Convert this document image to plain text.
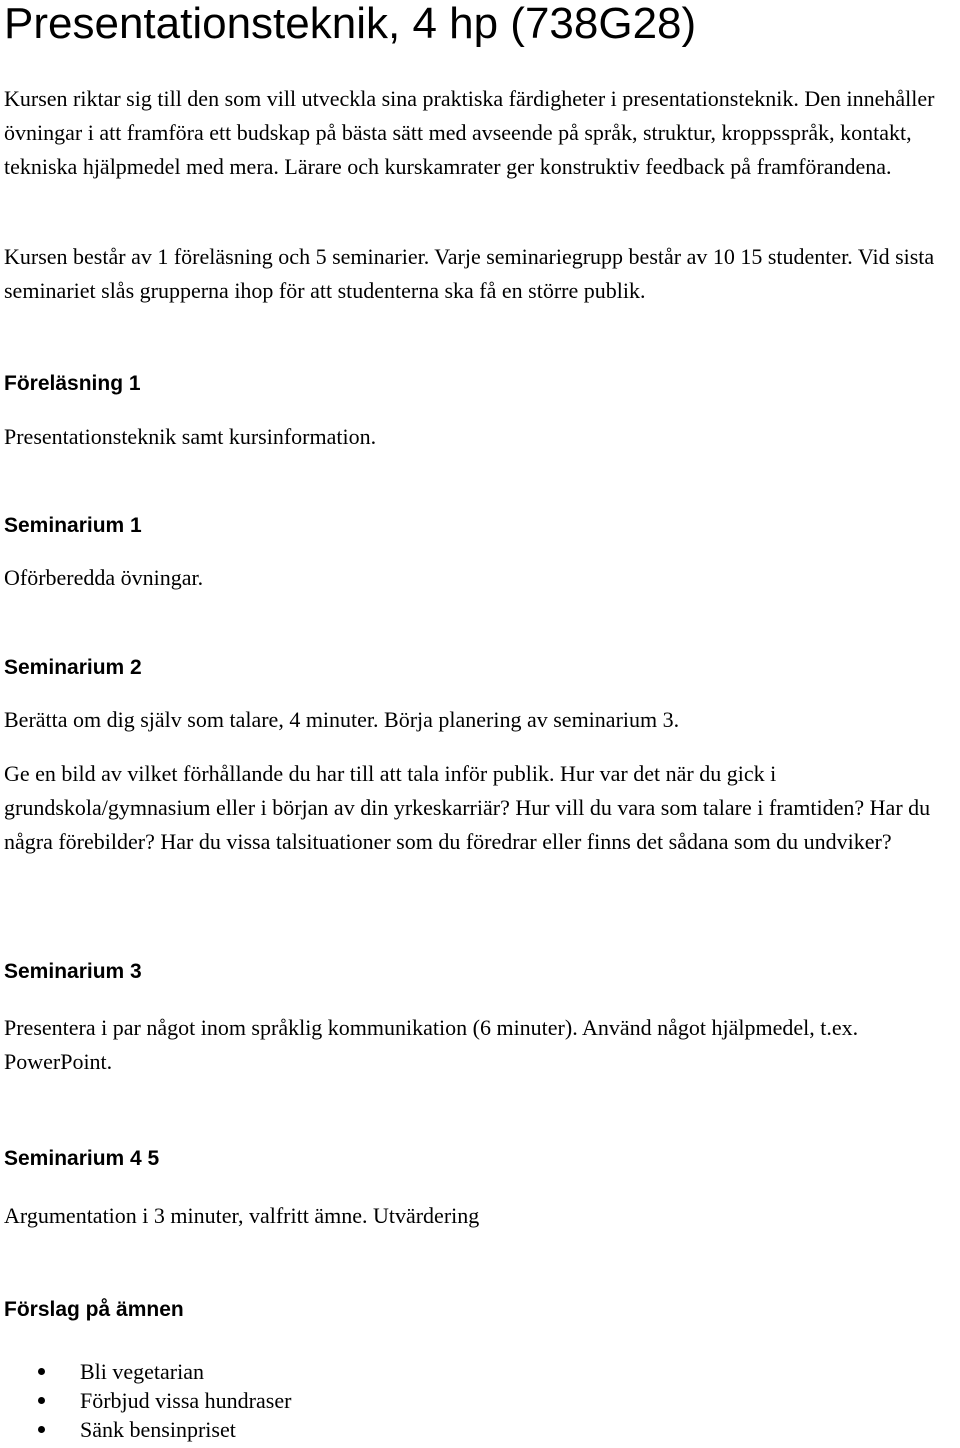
Presentationsteknik, 4 hp (738G28)

Kursen riktar sig till den som vill utveckla sina praktiska färdigheter i presentationsteknik. Den innehåller övningar i att framföra ett budskap på bästa sätt med avseende på språk, struktur, kroppsspråk, kontakt, tekniska hjälpmedel med mera. Lärare och kurskamrater ger konstruktiv feedback på framförandena.

Kursen består av 1 föreläsning och 5 seminarier. Varje seminariegrupp består av 10 15 studenter. Vid sista seminariet slås grupperna ihop för att studenterna ska få en större publik.

Föreläsning 1

Presentationsteknik samt kursinformation.

Seminarium 1

Oförberedda övningar.

Seminarium 2

Berätta om dig själv som talare, 4 minuter. Börja planering av seminarium 3.

Ge en bild av vilket förhållande du har till att tala inför publik. Hur var det när du gick i grundskola/gymnasium eller i början av din yrkeskarriär? Hur vill du vara som talare i framtiden? Har du några förebilder? Har du vissa talsituationer som du föredrar eller finns det sådana som du undviker?

Seminarium 3

Presentera i par något inom språklig kommunikation (6 minuter). Använd något hjälpmedel, t.ex. PowerPoint.

Seminarium 4 5

Argumentation i 3 minuter, valfritt ämne. Utvärdering

Förslag på ämnen
Bli vegetarian
Förbjud vissa hundraser
Sänk bensinpriset
